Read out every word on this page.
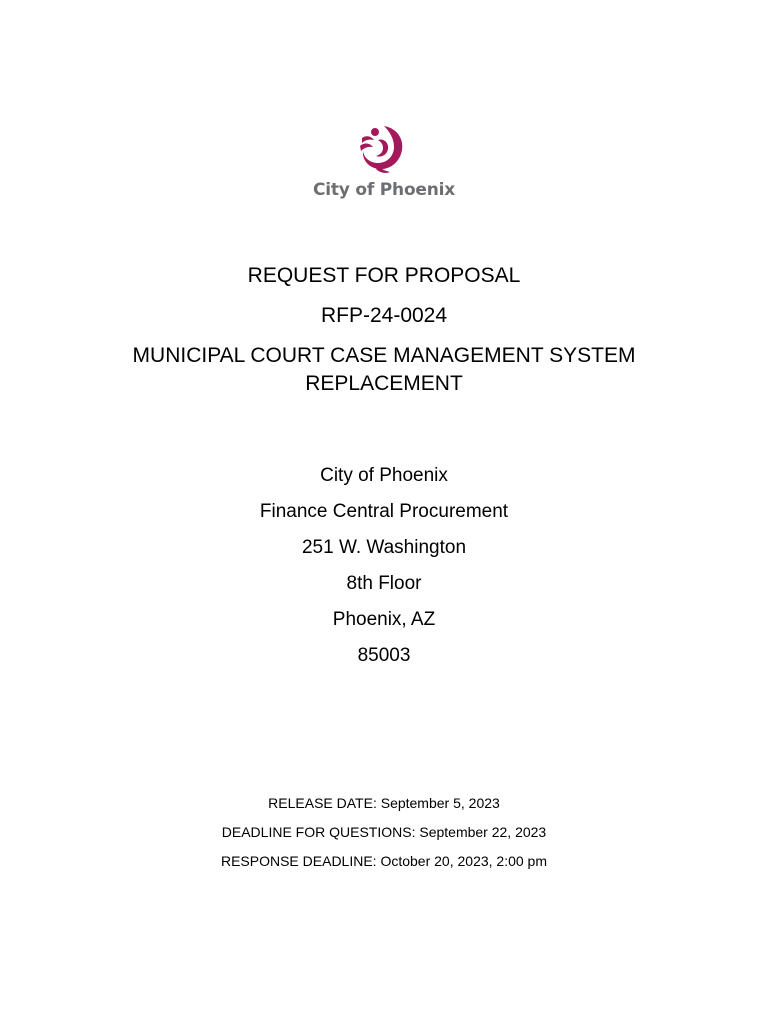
City of Phoenix
REQUEST FOR PROPOSAL
RFP-24-0024
MUNICIPAL COURT CASE MANAGEMENT SYSTEM REPLACEMENT
City of Phoenix
Finance Central Procurement
251 W. Washington
8th Floor
Phoenix, AZ
85003
RELEASE DATE: September 5, 2023
DEADLINE FOR QUESTIONS: September 22, 2023
RESPONSE DEADLINE: October 20, 2023, 2:00 pm
